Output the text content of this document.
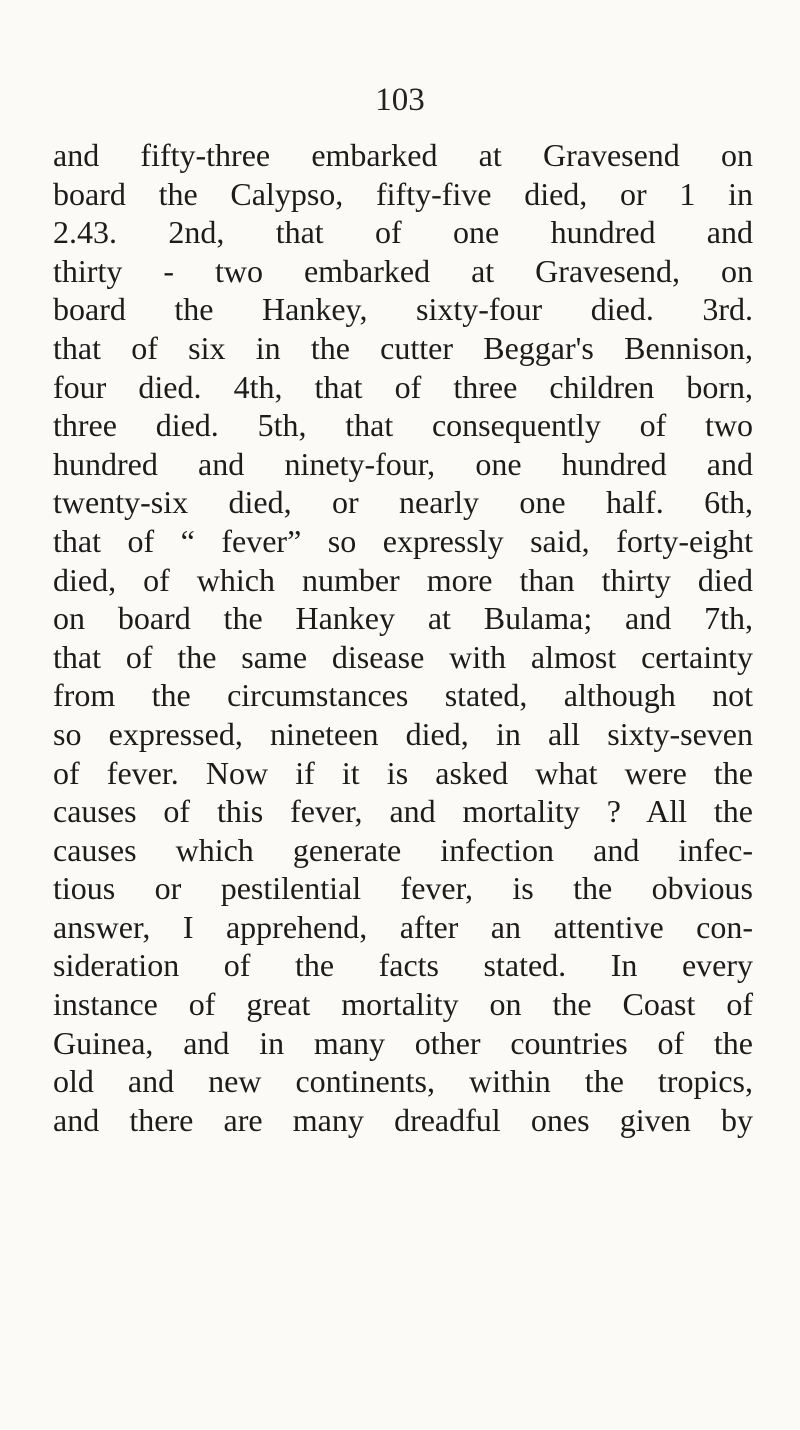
103
and fifty-three embarked at Gravesend on
board the Calypso, fifty-five died, or 1 in
2.43. 2nd, that of one hundred and
thirty - two embarked at Gravesend, on
board the Hankey, sixty-four died. 3rd.
that of six in the cutter Beggar's Bennison,
four died. 4th, that of three children born,
three died. 5th, that consequently of two
hundred and ninety-four, one hundred and
twenty-six died, or nearly one half. 6th,
that of “ fever” so expressly said, forty-eight
died, of which number more than thirty died
on board the Hankey at Bulama; and 7th,
that of the same disease with almost certainty
from the circumstances stated, although not
so expressed, nineteen died, in all sixty-seven
of fever. Now if it is asked what were the
causes of this fever, and mortality ? All the
causes which generate infection and infec-
tious or pestilential fever, is the obvious
answer, I apprehend, after an attentive con-
sideration of the facts stated. In every
instance of great mortality on the Coast of
Guinea, and in many other countries of the
old and new continents, within the tropics,
and there are many dreadful ones given by
